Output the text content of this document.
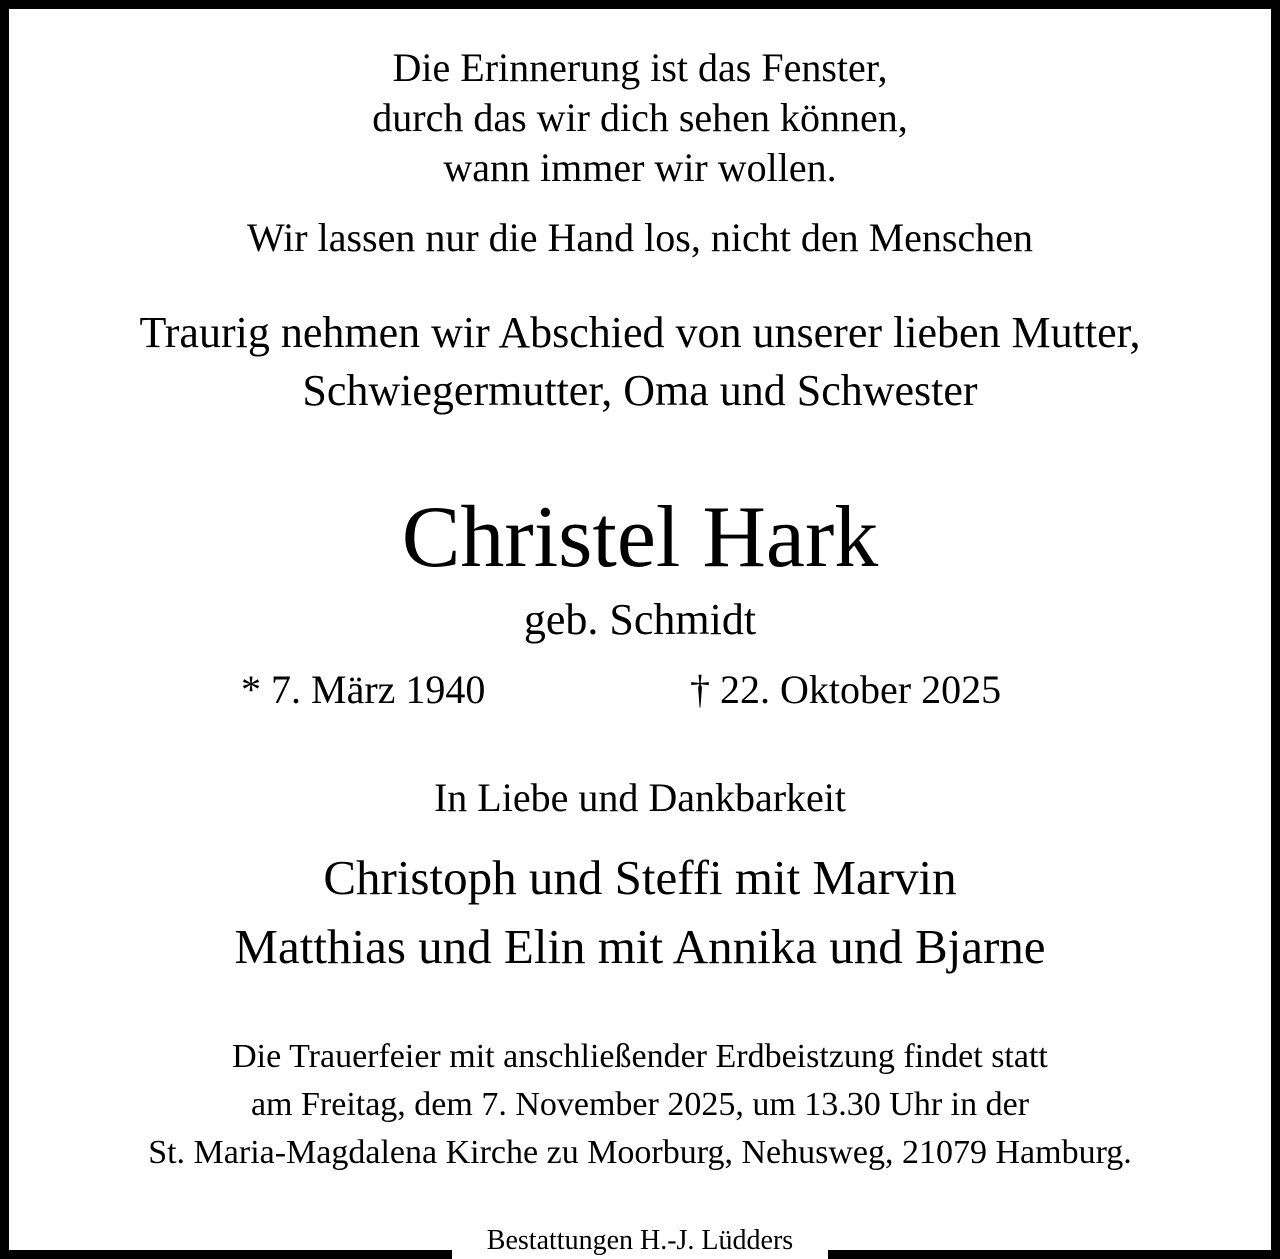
Die Erinnerung ist das Fenster,
durch das wir dich sehen können,
wann immer wir wollen.
Wir lassen nur die Hand los, nicht den Menschen
Traurig nehmen wir Abschied von unserer lieben Mutter,
Schwiegermutter, Oma und Schwester
Christel Hark
geb. Schmidt
* 7. März 1940	† 22. Oktober 2025
In Liebe und Dankbarkeit
Christoph und Steffi mit Marvin
Matthias und Elin mit Annika und Bjarne
Die Trauerfeier mit anschließender Erdbeistzung findet statt
am Freitag, dem 7. November 2025, um 13.30 Uhr in der
St. Maria-Magdalena Kirche zu Moorburg, Nehusweg, 21079 Hamburg.
Bestattungen H.-J. Lüdders
